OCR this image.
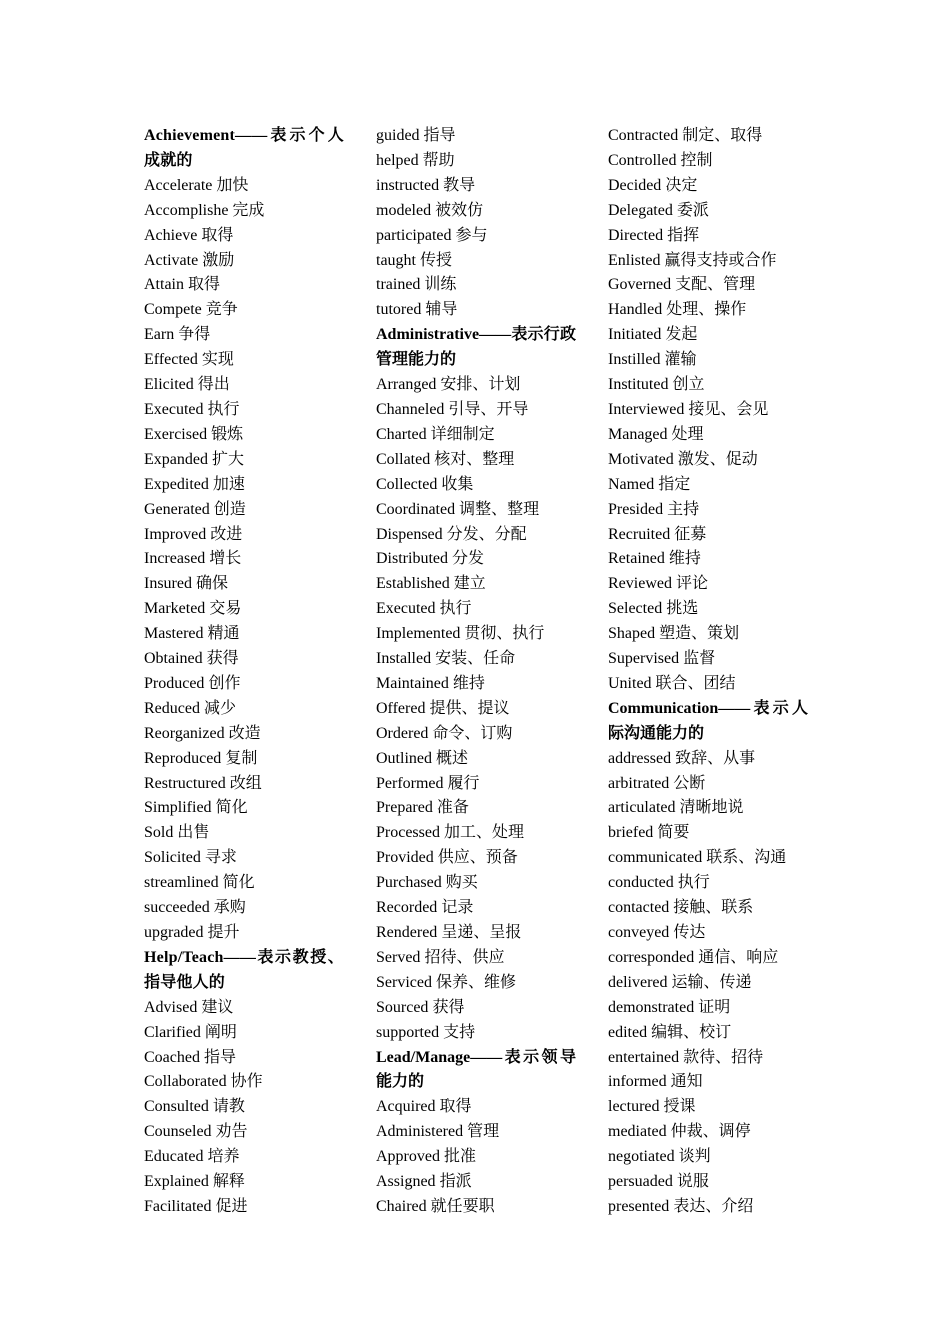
Achievement——表示个人成就的
Accelerate 加快
Accomplishe 完成
Achieve 取得
Activate 激励
Attain 取得
Compete 竞争
Earn 争得
Effected 实现
Elicited 得出
Executed 执行
Exercised 锻炼
Expanded 扩大
Expedited 加速
Generated 创造
Improved 改进
Increased 增长
Insured 确保
Marketed 交易
Mastered 精通
Obtained 获得
Produced 创作
Reduced 减少
Reorganized 改造
Reproduced 复制
Restructured 改组
Simplified 简化
Sold 出售
Solicited 寻求
streamlined 简化
succeeded 承购
upgraded 提升
Help/Teach——表示教授、指导他人的
Advised 建议
Clarified 阐明
Coached 指导
Collaborated 协作
Consulted 请教
Counseled 劝告
Educated 培养
Explained 解释
Facilitated 促进
guided 指导
helped 帮助
instructed 教导
modeled 被效仿
participated 参与
taught 传授
trained 训练
tutored 辅导
Administrative——表示行政管理能力的
Arranged 安排、计划
Channeled 引导、开导
Charted 详细制定
Collated 核对、整理
Collected 收集
Coordinated 调整、整理
Dispensed 分发、分配
Distributed 分发
Established 建立
Executed 执行
Implemented 贯彻、执行
Installed 安装、任命
Maintained 维持
Offered 提供、提议
Ordered 命令、订购
Outlined 概述
Performed 履行
Prepared 准备
Processed 加工、处理
Provided 供应、预备
Purchased 购买
Recorded 记录
Rendered 呈递、呈报
Served 招待、供应
Serviced 保养、维修
Sourced 获得
supported 支持
Lead/Manage——表示领导能力的
Acquired 取得
Administered 管理
Approved 批准
Assigned 指派
Chaired 就任要职
Contracted 制定、取得
Controlled 控制
Decided 决定
Delegated 委派
Directed 指挥
Enlisted 赢得支持或合作
Governed 支配、管理
Handled 处理、操作
Initiated 发起
Instilled 灌输
Instituted 创立
Interviewed 接见、会见
Managed 处理
Motivated 激发、促动
Named 指定
Presided 主持
Recruited 征募
Retained 维持
Reviewed 评论
Selected 挑选
Shaped 塑造、策划
Supervised 监督
United 联合、团结
Communication——表示人际沟通能力的
addressed 致辞、从事
arbitrated 公断
articulated 清晰地说
briefed 简要
communicated 联系、沟通
conducted 执行
contacted 接触、联系
conveyed 传达
corresponded 通信、响应
delivered 运输、传递
demonstrated 证明
edited 编辑、校订
entertained 款待、招待
informed 通知
lectured 授课
mediated 仲裁、调停
negotiated 谈判
persuaded 说服
presented 表达、介绍
